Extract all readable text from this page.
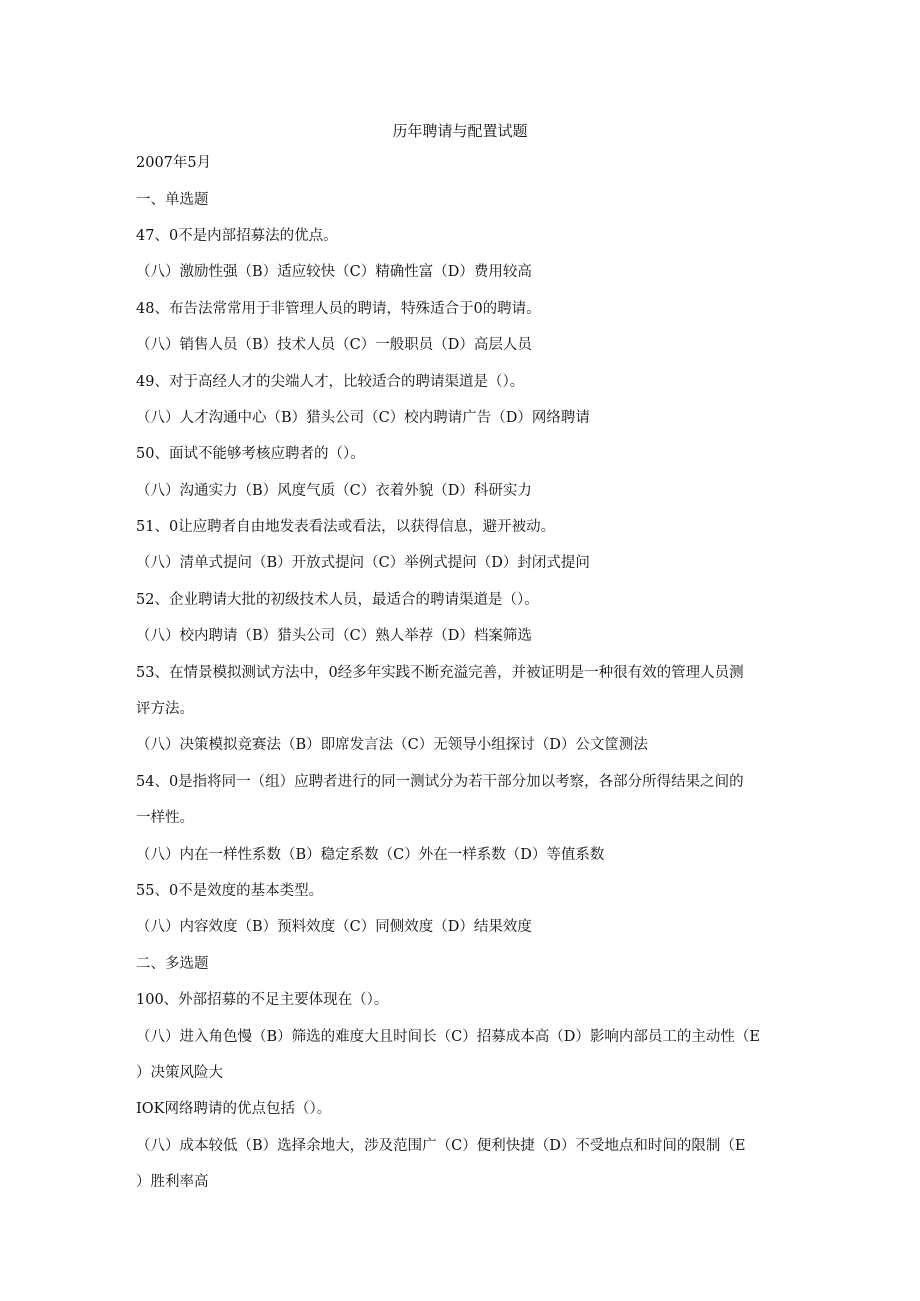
历年聘请与配置试题
2007年5月
一、单选题
47、0不是内部招募法的优点。
（八）激励性强（B）适应较快（C）精确性富（D）费用较高
48、布告法常常用于非管理人员的聘请，特殊适合于0的聘请。
（八）销售人员（B）技术人员（C）一般职员（D）高层人员
49、对于高经人才的尖端人才，比较适合的聘请渠道是（）。
（八）人才沟通中心（B）猎头公司（C）校内聘请广告（D）网络聘请
50、面试不能够考核应聘者的（）。
（八）沟通实力（B）风度气质（C）衣着外貌（D）科研实力
51、0让应聘者自由地发表看法或看法，以获得信息，避开被动。
（八）清单式提问（B）开放式提问（C）举例式提问（D）封闭式提问
52、企业聘请大批的初级技术人员，最适合的聘请渠道是（）。
（八）校内聘请（B）猎头公司（C）熟人举荐（D）档案筛选
53、在情景模拟测试方法中，0经多年实践不断充溢完善，并被证明是一种很有效的管理人员测
评方法。
（八）决策模拟竞赛法（B）即席发言法（C）无领导小组探讨（D）公文筐测法
54、0是指将同一（组）应聘者进行的同一测试分为若干部分加以考察，各部分所得结果之间的
一样性。
（八）内在一样性系数（B）稳定系数（C）外在一样系数（D）等值系数
55、0不是效度的基本类型。
（八）内容效度（B）预料效度（C）同侧效度（D）结果效度
二、多选题
100、外部招募的不足主要体现在（）。
（八）进入角色慢（B）筛选的难度大且时间长（C）招募成本高（D）影响内部员工的主动性（E
）决策风险大
IOK网络聘请的优点包括（）。
（八）成本较低（B）选择余地大，涉及范围广（C）便利快捷（D）不受地点和时间的限制（E
）胜利率高
